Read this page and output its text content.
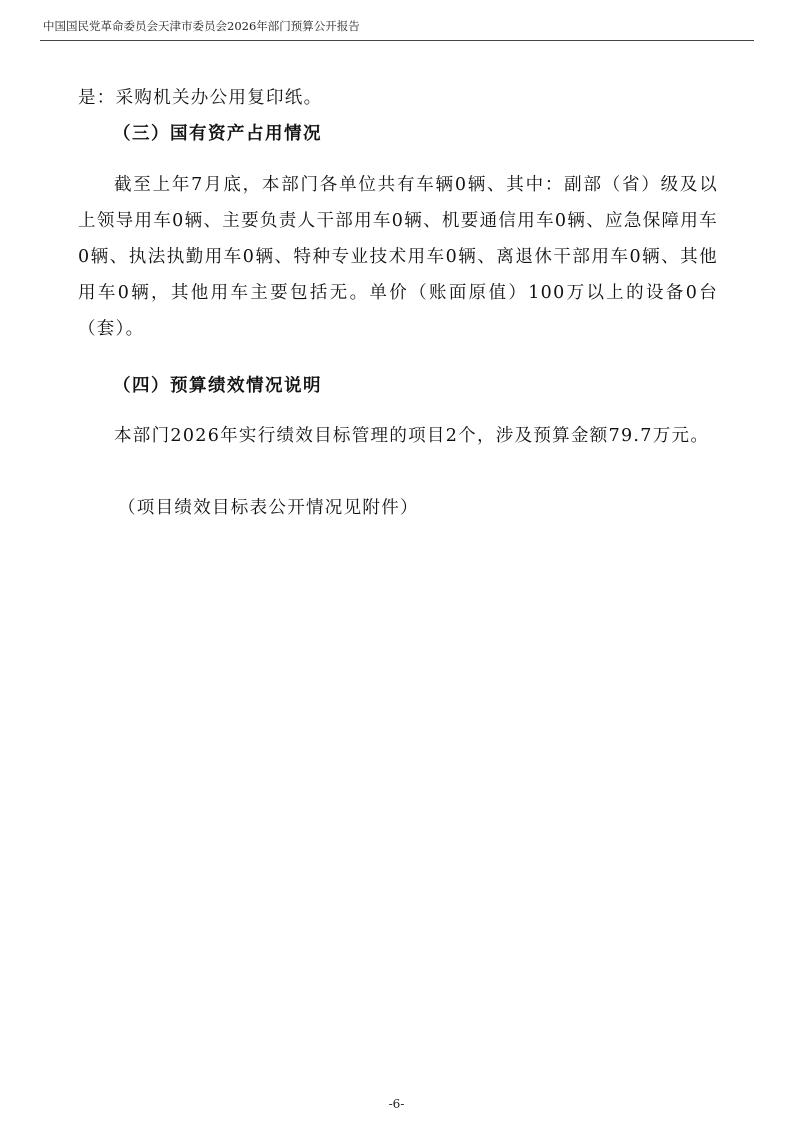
中国国民党革命委员会天津市委员会2026年部门预算公开报告
是：采购机关办公用复印纸。
（三）国有资产占用情况
截至上年7月底，本部门各单位共有车辆0辆、其中：副部（省）级及以上领导用车0辆、主要负责人干部用车0辆、机要通信用车0辆、应急保障用车0辆、执法执勤用车0辆、特种专业技术用车0辆、离退休干部用车0辆、其他用车0辆，其他用车主要包括无。单价（账面原值）100万以上的设备0台（套）。
（四）预算绩效情况说明
本部门2026年实行绩效目标管理的项目2个，涉及预算金额79.7万元。
（项目绩效目标表公开情况见附件）
-6-
